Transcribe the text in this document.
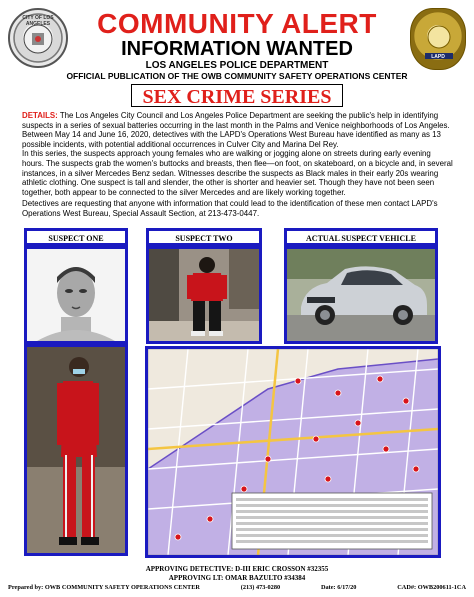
CITY OF LOS ANGELES
LAPD
COMMUNITY ALERT
INFORMATION WANTED
LOS ANGELES POLICE DEPARTMENT
OFFICIAL PUBLICATION OF THE OWB COMMUNITY SAFETY OPERATIONS CENTER
SEX CRIME SERIES
DETAILS: The Los Angeles City Council and Los Angeles Police Department are seeking the public's help in identifying suspects in a series of sexual batteries occurring in the last month in the Palms and Venice neighborhoods of Los Angeles. Between May 14 and June 16, 2020, detectives with the LAPD's Operations West Bureau have identified as many as 13 possible incidents, with potential additional occurrences in Culver City and Marina Del Rey.
In this series, the suspects approach young females who are walking or jogging alone on streets during early evening hours. The suspects grab the women's buttocks and breasts, then flee—on foot, on skateboard, on a bicycle and, in several instances, in a silver Mercedes Benz sedan. Witnesses describe the suspects as Black males in their early 20s wearing athletic clothing. One suspect is tall and slender, the other is shorter and heavier set. Though they have not been seen together, both appear to be connected to the silver Mercedes and are likely working together.
Detectives are requesting that anyone with information that could lead to the identification of these men contact LAPD's Operations West Bureau, Special Assault Section, at 213-473-0447.
SUSPECT ONE	SUSPECT TWO	ACTUAL SUSPECT VEHICLE
APPROVING DETECTIVE: D-III ERIC CROSSON #32355
APPROVING LT: OMAR BAZULTO #34384
Prepared by: OWB COMMUNITY SAFETY OPERATIONS CENTER	(213) 473-0280	Date: 6/17/20	CAD#: OWB200611-1CA
